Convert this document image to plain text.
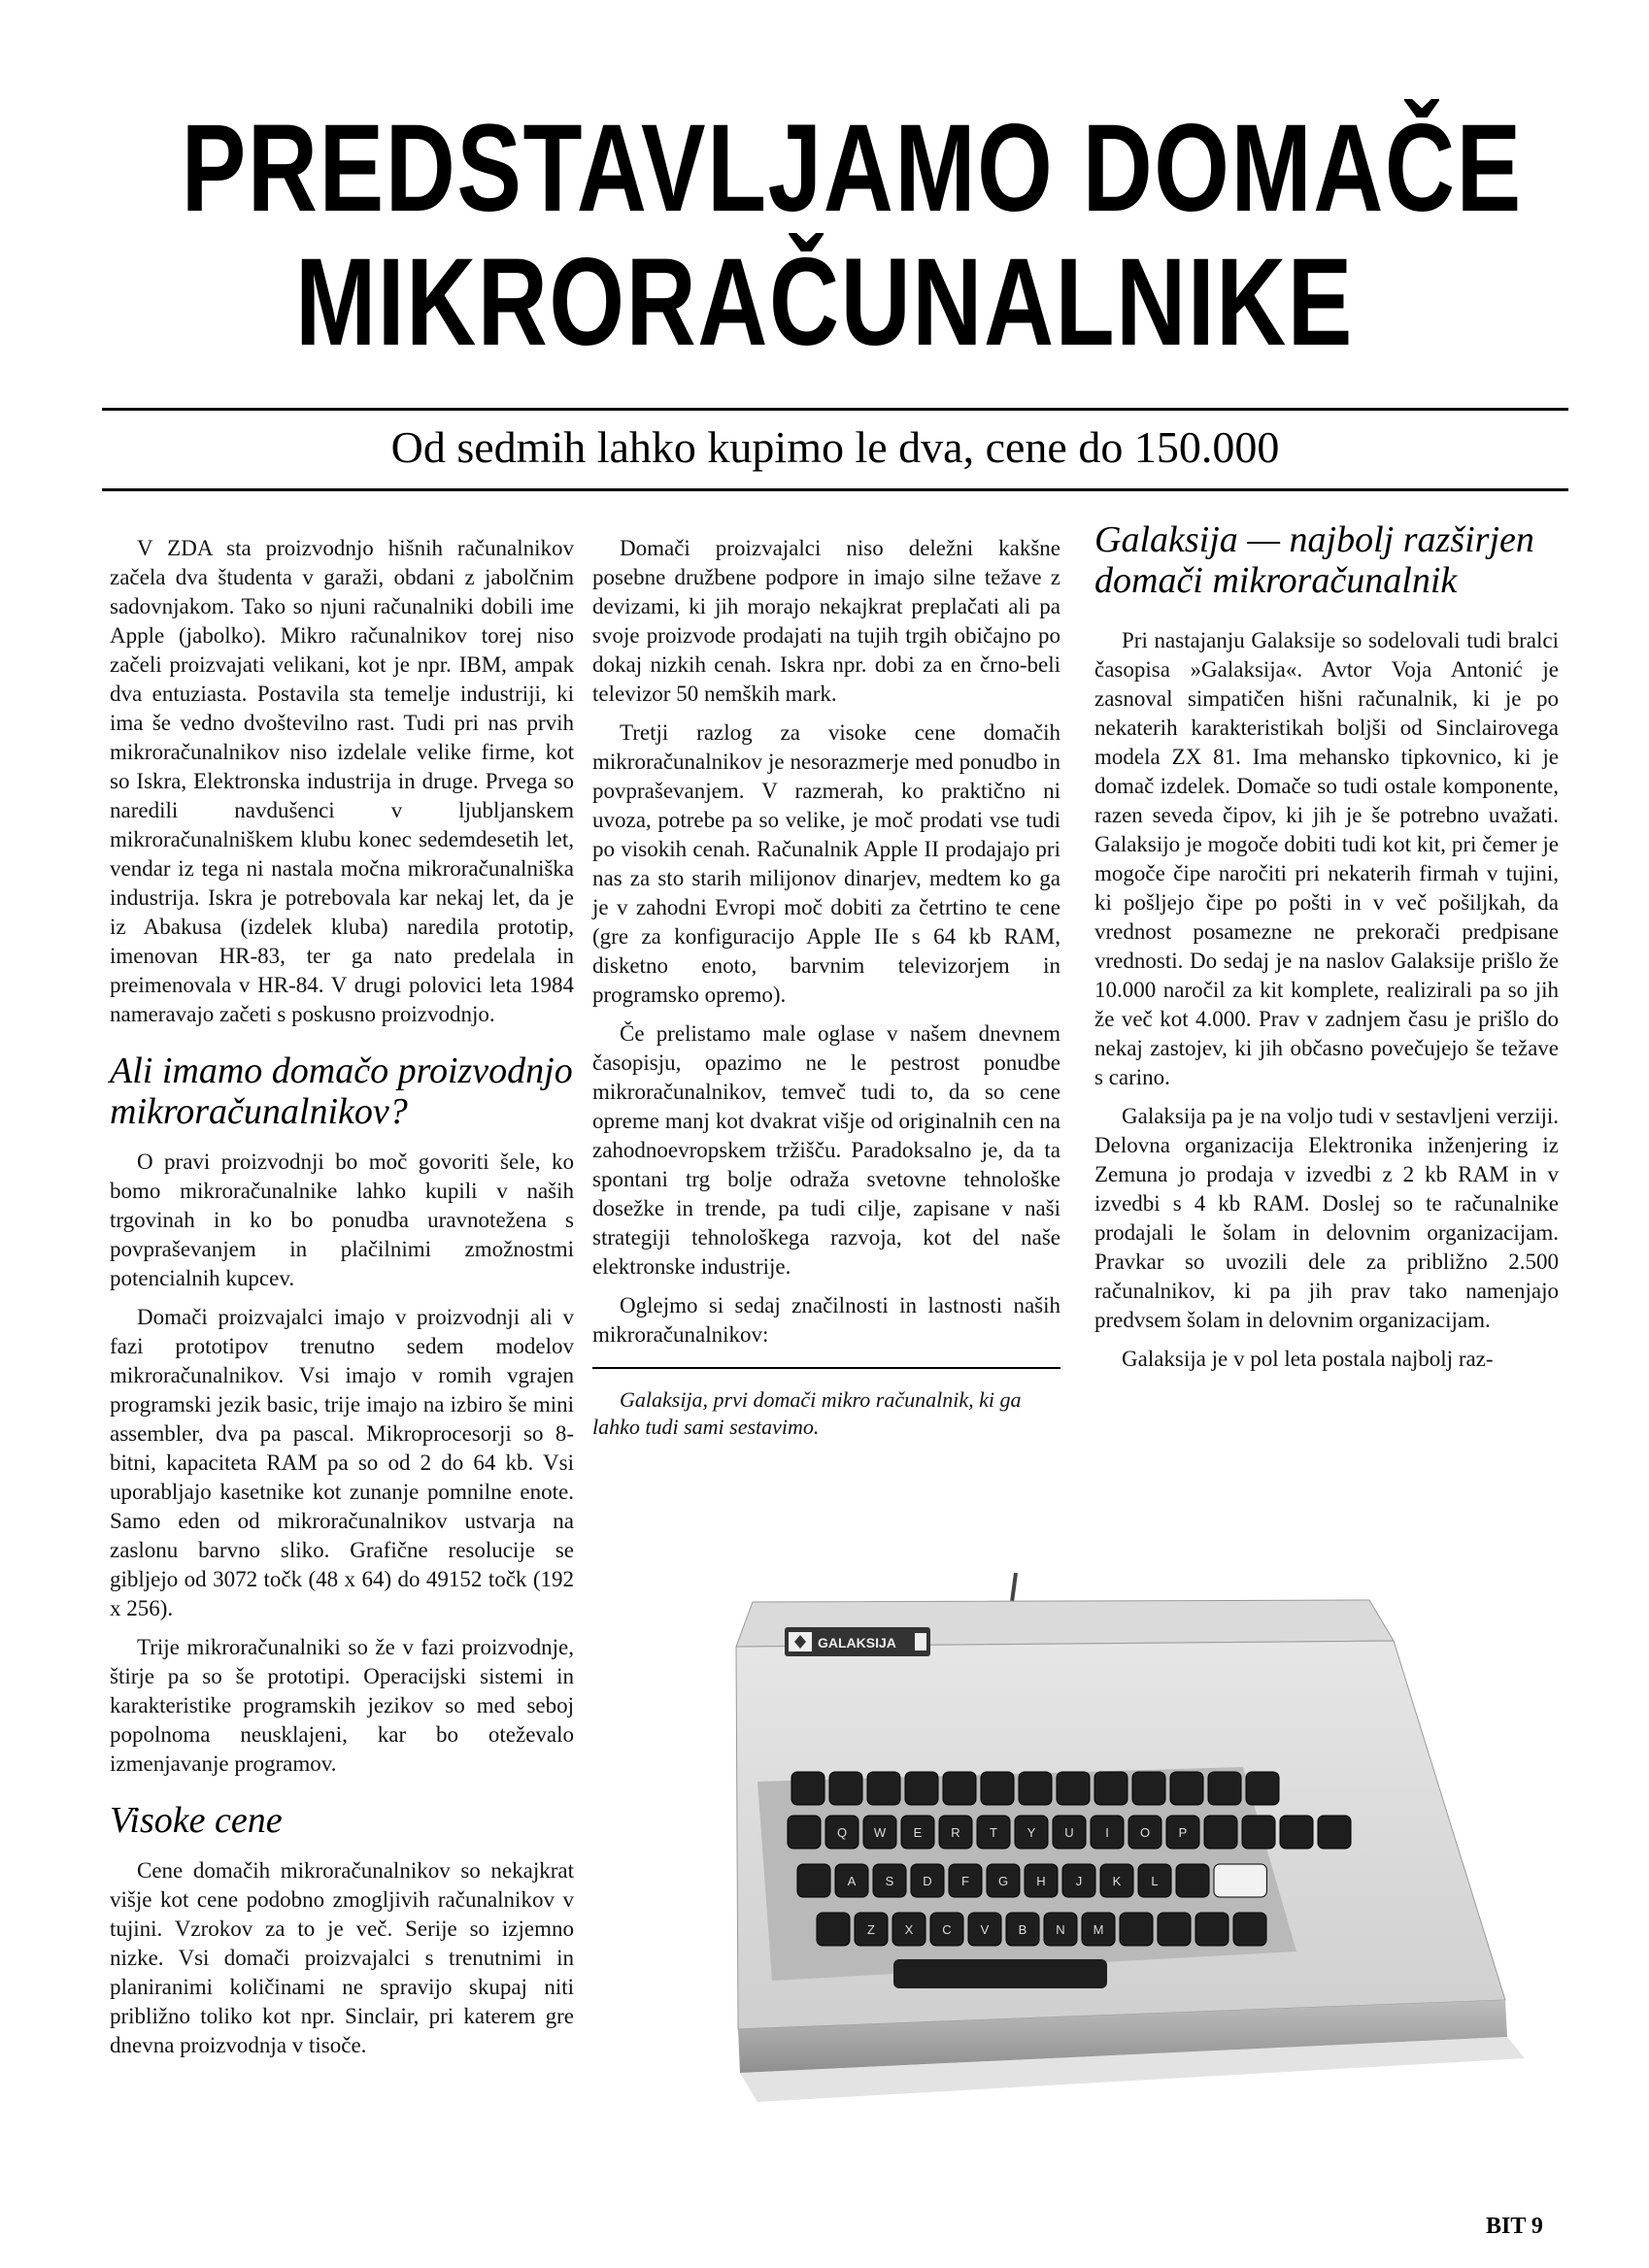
PREDSTAVLJAMO DOMAČE
MIKRORAČUNALNIKE
Od sedmih lahko kupimo le dva, cene do 150.000

V ZDA sta proizvodnjo hišnih računalnikov začela dva študenta v garaži, obdani z jabolčnim sadovnjakom. Tako so njuni računalniki dobili ime Apple (jabolko). Mikro računalnikov torej niso začeli proizvajati velikani, kot je npr. IBM, ampak dva entuziasta. Postavila sta temelje industriji, ki ima še vedno dvoštevilno rast. Tudi pri nas prvih mikroračunalnikov niso izdelale velike firme, kot so Iskra, Elektronska industrija in druge. Prvega so naredili navdušenci v ljubljanskem mikroračunalniškem klubu konec sedemdesetih let, vendar iz tega ni nastala močna mikroračunalniška industrija. Iskra je potrebovala kar nekaj let, da je iz Abakusa (izdelek kluba) naredila prototip, imenovan HR-83, ter ga nato predelala in preimenovala v HR-84. V drugi polovici leta 1984 nameravajo začeti s poskusno proizvodnjo.

Ali imamo domačo proizvodnjo mikroračunalnikov?

O pravi proizvodnji bo moč govoriti šele, ko bomo mikroračunalnike lahko kupili v naših trgovinah in ko bo ponudba uravnotežena s povpraševanjem in plačilnimi zmožnostmi potencialnih kupcev.

Domači proizvajalci imajo v proizvodnji ali v fazi prototipov trenutno sedem modelov mikroračunalnikov. Vsi imajo v romih vgrajen programski jezik basic, trije imajo na izbiro še mini assembler, dva pa pascal. Mikroprocesorji so 8-bitni, kapaciteta RAM pa so od 2 do 64 kb. Vsi uporabljajo kasetnike kot zunanje pomnilne enote. Samo eden od mikroračunalnikov ustvarja na zaslonu barvno sliko. Grafične resolucije se gibljejo od 3072 točk (48 x 64) do 49152 točk (192 x 256).

Trije mikroračunalniki so že v fazi proizvodnje, štirje pa so še prototipi. Operacijski sistemi in karakteristike programskih jezikov so med seboj popolnoma neusklajeni, kar bo oteževalo izmenjavanje programov.

Visoke cene

Cene domačih mikroračunalnikov so nekajkrat višje kot cene podobno zmogljivih računalnikov v tujini. Vzrokov za to je več. Serije so izjemno nizke. Vsi domači proizvajalci s trenutnimi in planiranimi količinami ne spravijo skupaj niti približno toliko kot npr. Sinclair, pri katerem gre dnevna proizvodnja v tisoče.

Domači proizvajalci niso deležni kakšne posebne družbene podpore in imajo silne težave z devizami, ki jih morajo nekajkrat preplačati ali pa svoje proizvode prodajati na tujih trgih običajno po dokaj nizkih cenah. Iskra npr. dobi za en črno-beli televizor 50 nemških mark.

Tretji razlog za visoke cene domačih mikroračunalnikov je nesorazmerje med ponudbo in povpraševanjem. V razmerah, ko praktično ni uvoza, potrebe pa so velike, je moč prodati vse tudi po visokih cenah. Računalnik Apple II prodajajo pri nas za sto starih milijonov dinarjev, medtem ko ga je v zahodni Evropi moč dobiti za četrtino te cene (gre za konfiguracijo Apple IIe s 64 kb RAM, disketno enoto, barvnim televizorjem in programsko opremo).

Če prelistamo male oglase v našem dnevnem časopisju, opazimo ne le pestrost ponudbe mikroračunalnikov, temveč tudi to, da so cene opreme manj kot dvakrat višje od originalnih cen na zahodnoevropskem tržišču. Paradoksalno je, da ta spontani trg bolje odraža svetovne tehnološke dosežke in trende, pa tudi cilje, zapisane v naši strategiji tehnološkega razvoja, kot del naše elektronske industrije.

Oglejmo si sedaj značilnosti in lastnosti naših mikroračunalnikov:

Galaksija, prvi domači mikro računalnik, ki ga lahko tudi sami sestavimo.

Galaksija — najbolj razširjen domači mikroračunalnik

Pri nastajanju Galaksije so sodelovali tudi bralci časopisa »Galaksija«. Avtor Voja Antonić je zasnoval simpatičen hišni računalnik, ki je po nekaterih karakteristikah boljši od Sinclairovega modela ZX 81. Ima mehansko tipkovnico, ki je domač izdelek. Domače so tudi ostale komponente, razen seveda čipov, ki jih je še potrebno uvažati. Galaksijo je mogoče dobiti tudi kot kit, pri čemer je mogoče čipe naročiti pri nekaterih firmah v tujini, ki pošljejo čipe po pošti in v več pošiljkah, da vrednost posamezne ne prekorači predpisane vrednosti. Do sedaj je na naslov Galaksije prišlo že 10.000 naročil za kit komplete, realizirali pa so jih že več kot 4.000. Prav v zadnjem času je prišlo do nekaj zastojev, ki jih občasno povečujejo še težave s carino.

Galaksija pa je na voljo tudi v sestavljeni verziji. Delovna organizacija Elektronika inženjering iz Zemuna jo prodaja v izvedbi z 2 kb RAM in v izvedbi s 4 kb RAM. Doslej so te računalnike prodajali le šolam in delovnim organizacijam. Pravkar so uvozili dele za približno 2.500 računalnikov, ki pa jih prav tako namenjajo predvsem šolam in delovnim organizacijam.

Galaksija je v pol leta postala najbolj raz-

GALAKSIJA
Q W E R T Y U I O P
A S D F G H J K L
Z X C V B N M
BIT 9
